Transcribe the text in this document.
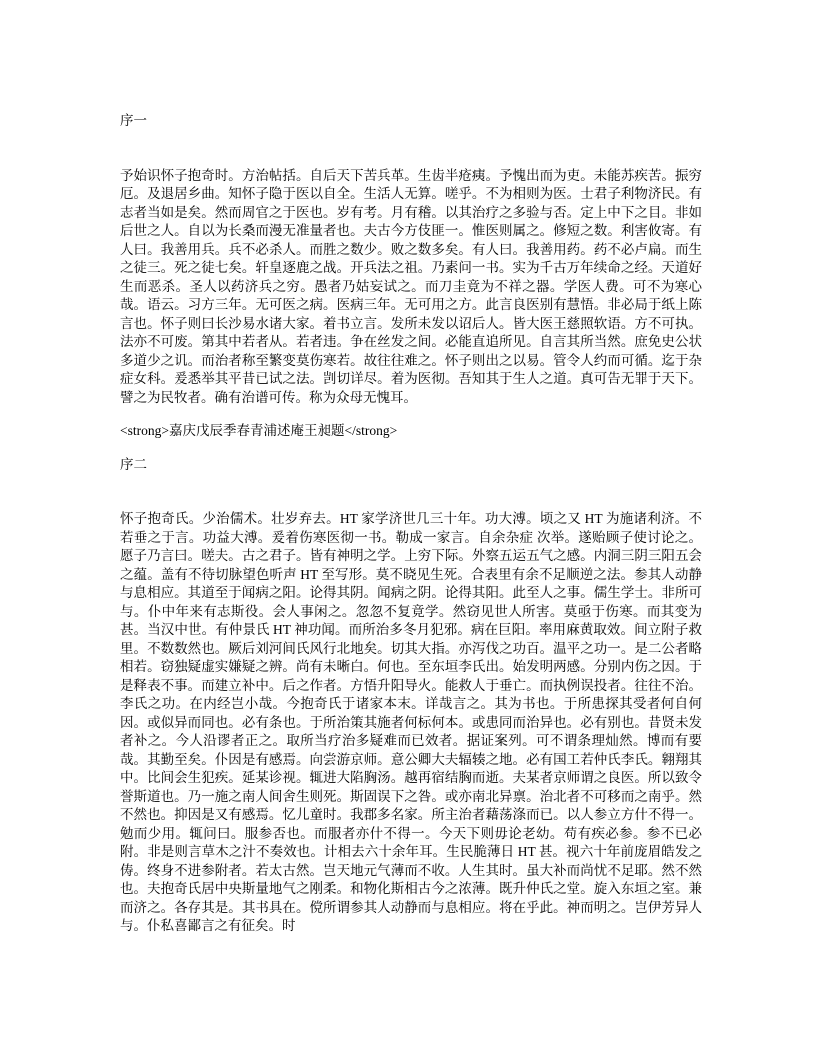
序一

予始识怀子抱奇时。方治帖括。自后天下苦兵革。生齿半疮痍。予愧出而为吏。未能苏疾苦。振穷厄。及退居乡曲。知怀子隐于医以自全。生活人无算。嗟乎。不为相则为医。士君子利物济民。有志者当如是矣。然而周官之于医也。岁有考。月有稽。以其治疗之多验与否。定上中下之目。非如后世之人。自以为长桑而漫无准量者也。夫古今方伎匪一。惟医则属之。修短之数。利害攸寄。有人曰。我善用兵。兵不必杀人。而胜之数少。败之数多矣。有人曰。我善用药。药不必卢扁。而生之徒三。死之徒七矣。轩皇逐鹿之战。开兵法之祖。乃素问一书。实为千古万年续命之经。天道好生而恶杀。圣人以药济兵之穷。愚者乃姑妄试之。而刀圭竟为不祥之器。学医人费。可不为寒心哉。语云。习方三年。无可医之病。医病三年。无可用之方。此言良医别有慧悟。非必局于纸上陈言也。怀子则曰长沙易水诸大家。着书立言。发所未发以诏后人。皆大医王慈照软语。方不可执。法亦不可废。第其中若者从。若者违。争在丝发之间。必能直追所见。自言其所当然。庶免史公状多道少之讥。而治者称至繁变莫伤寒若。故往往难之。怀子则出之以易。管令人约而可循。迄于杂症女科。爰悉举其平昔已试之法。剀切详尽。着为医彻。吾知其于生人之道。真可告无罪于天下。譬之为民牧者。确有治谱可传。称为众母无愧耳。

<strong>嘉庆戊辰季春青浦述庵王昶题</strong>

序二

怀子抱奇氏。少治儒术。壮岁弃去。HT 家学济世几三十年。功大溥。顷之又 HT 为施诸利济。不若垂之于言。功益大溥。爰着伤寒医彻一书。勒成一家言。自余杂症 次举。遂贻顾子使讨论之。愿子乃言曰。嗟夫。古之君子。皆有神明之学。上穷下际。外察五运五气之感。内洞三阴三阳五会之蕴。盖有不待切脉望色听声 HT 至写形。莫不晓见生死。合表里有余不足顺逆之法。参其人动静与息相应。其道至于闻病之阳。论得其阴。闻病之阴。论得其阳。此至人之事。儒生学士。非所可与。仆中年来有志斯役。会人事闲之。忽忽不复竟学。然窃见世人所害。莫亟于伤寒。而其变为甚。当汉中世。有仲景氏 HT 神功闻。而所治多冬月犯邪。病在巨阳。率用麻黄取效。间立附子救里。不数数然也。厥后刘河间氏风行北地矣。切其大指。亦泻伐之功百。温平之功一。是二公者略相若。窃独疑虚实嫌疑之辨。尚有未晰白。何也。至东垣李氏出。始发明两感。分别内伤之因。于是释表不事。而建立补中。后之作者。方悟升阳导火。能救人于垂亡。而执例误投者。往往不治。李氏之功。在内经岂小哉。今抱奇氏于诸家本末。详哉言之。其为书也。于所患探其受者何自何因。或似异而同也。必有条也。于所治策其施者何标何本。或患同而治异也。必有别也。昔贤未发者补之。今人沿谬者正之。取所当疗治多疑难而已效者。据证案列。可不谓条理灿然。博而有要哉。其勤至矣。仆因是有感焉。向尝游京师。意公卿大夫辐辏之地。必有国工若仲氏李氏。翱翔其中。比间会生犯疾。延某诊视。辄进大陷胸汤。越再宿结胸而逝。夫某者京师谓之良医。所以致令誉斯道也。乃一施之南人间舍生则死。斯固误下之咎。或亦南北异禀。治北者不可移而之南乎。然不然也。抑因是又有感焉。忆儿童时。我郡多名家。所主治者藉荡涤而已。以人参立方什不得一。勉而少用。辄问曰。服参否也。而服者亦什不得一。今天下则毋论老幼。苟有疾必参。参不已必附。非是则言草木之汁不奏效也。计相去六十余年耳。生民脆薄日 HT 甚。视六十年前庞眉皓发之俦。终身不进参附者。若太古然。岂天地元气薄而不收。人生其时。虽大补而尚忧不足耶。然不然也。夫抱奇氏居中央斯量地气之刚柔。和物化斯相古今之浓薄。既升仲氏之堂。旋入东垣之室。兼而济之。各存其是。其书具在。傥所谓参其人动静而与息相应。将在乎此。神而明之。岂伊芳异人与。仆私喜鄙言之有征矣。时
